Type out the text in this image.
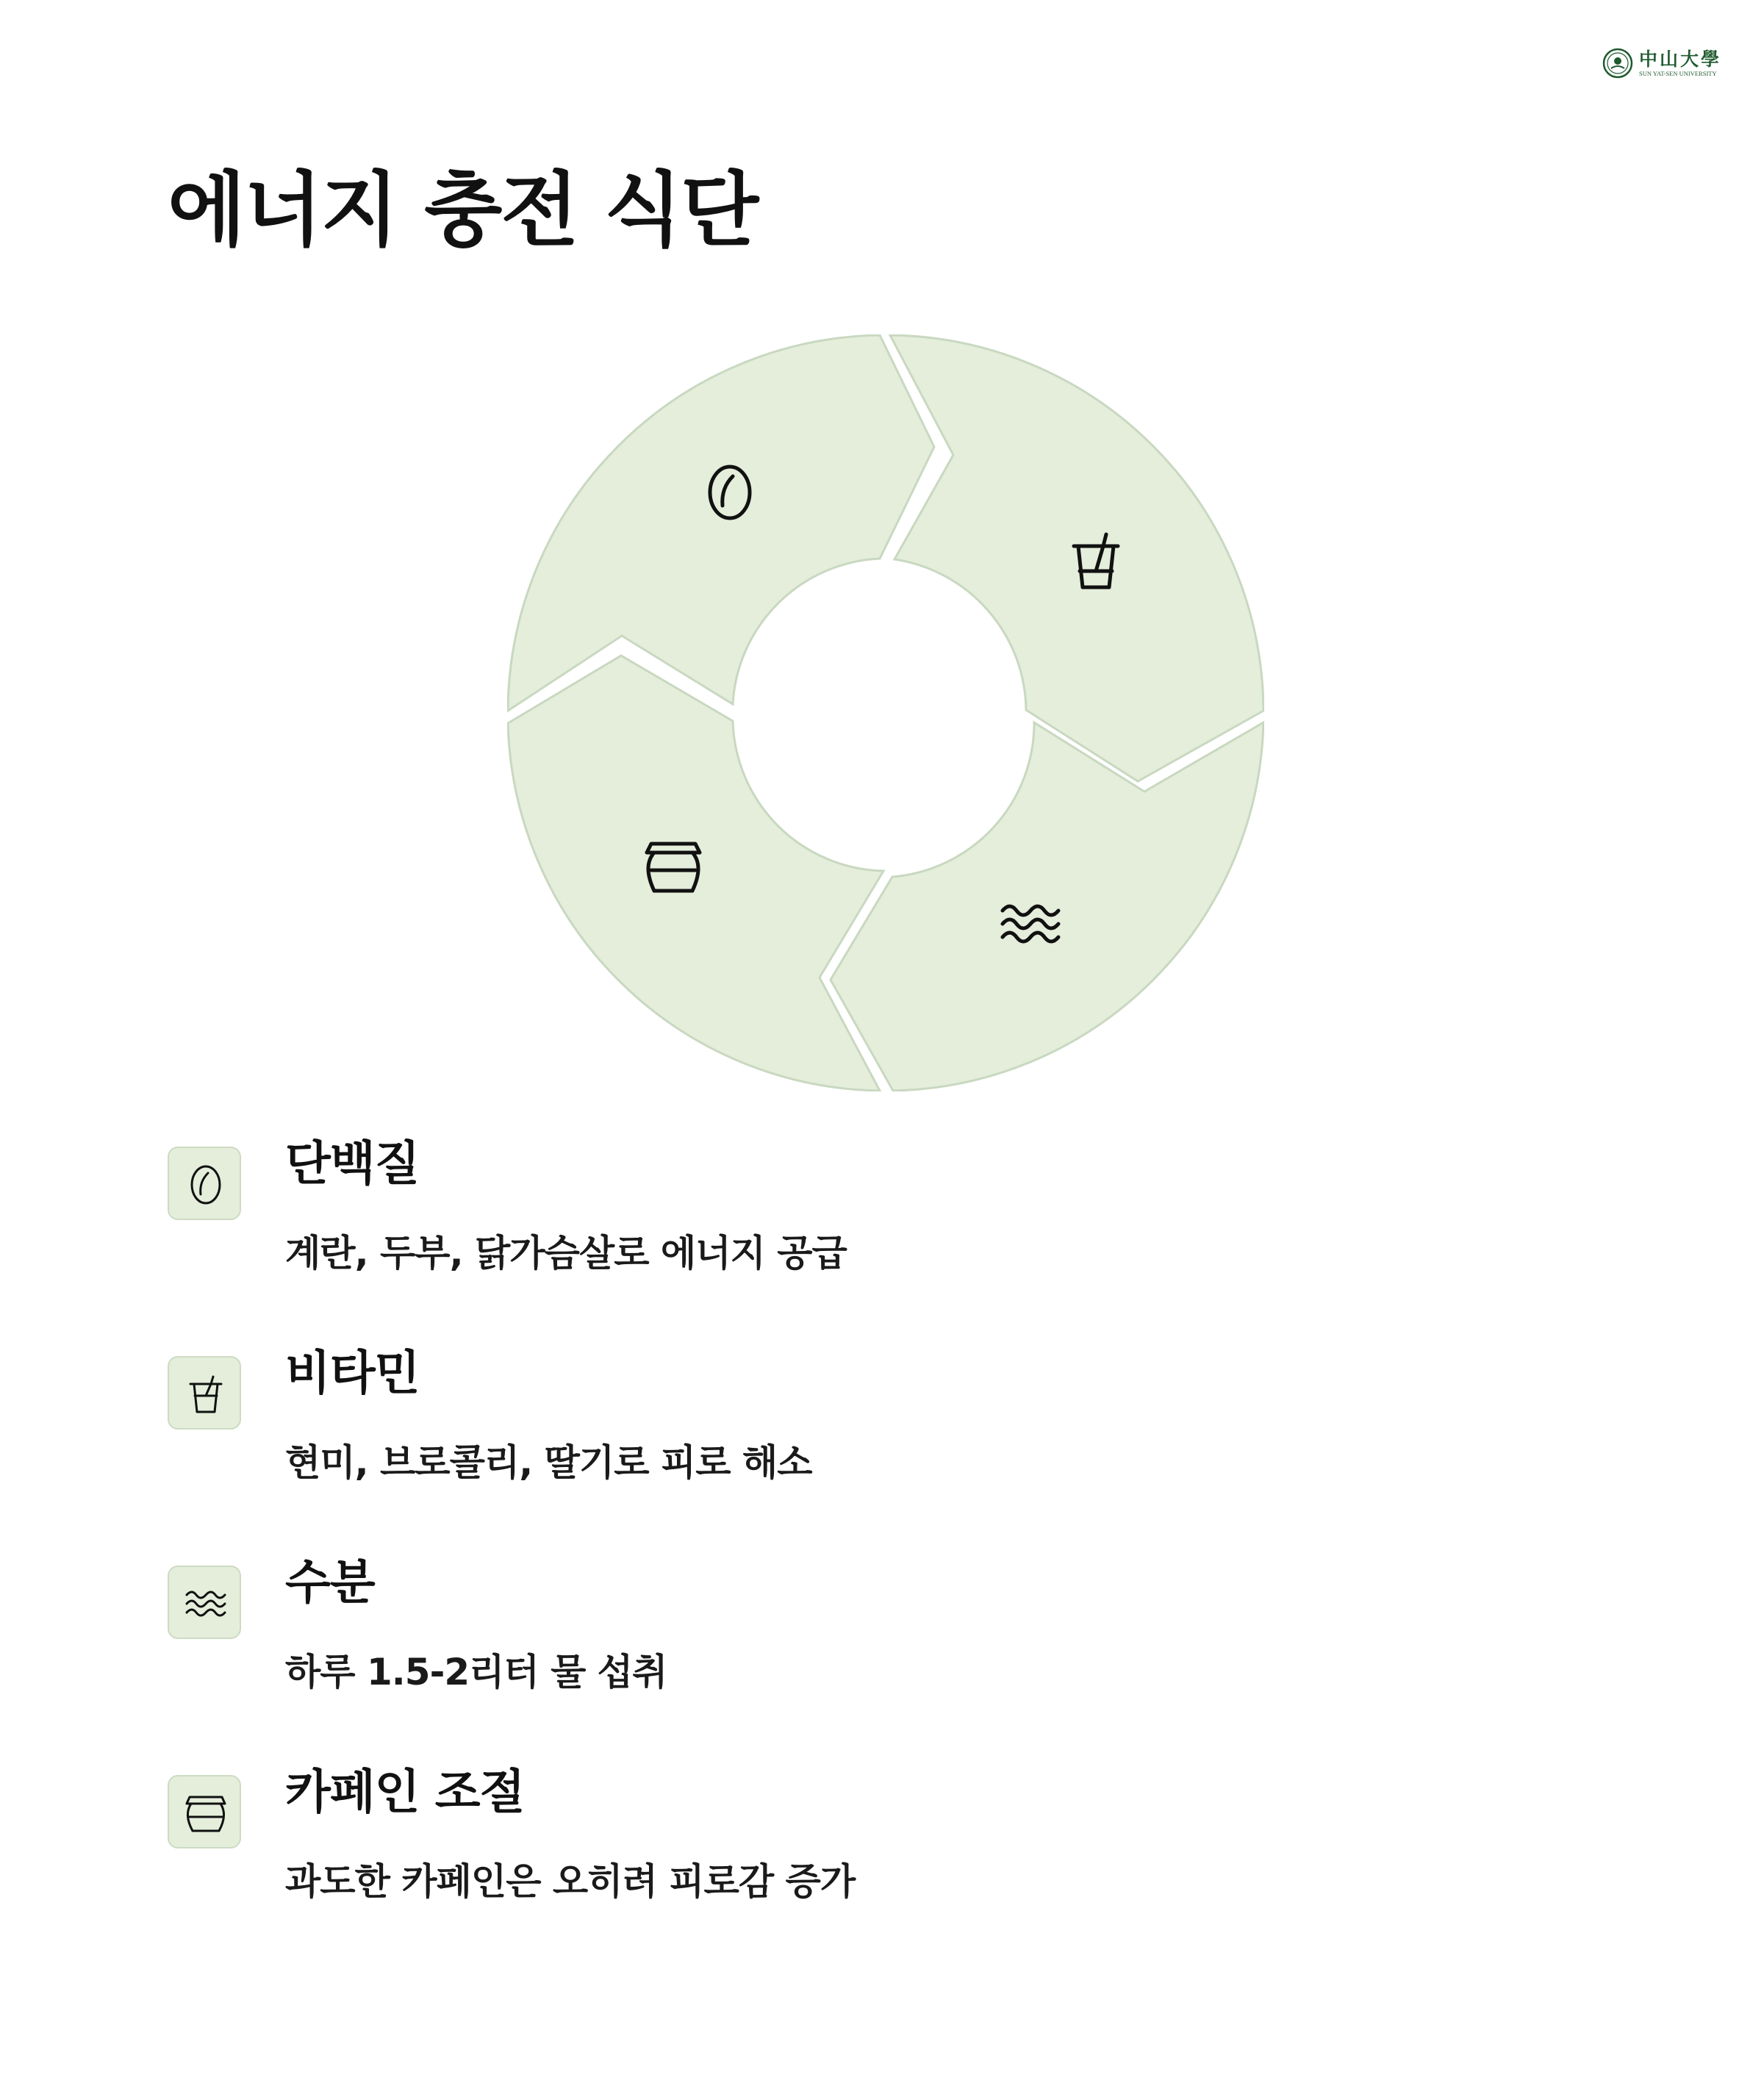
中山大學
SUN YAT-SEN UNIVERSITY
에너지 충전 식단
단백질

계란, 두부, 닭가슴살로 에너지 공급

비타민

현미, 브로콜리, 딸기로 피로 해소

수분

하루 1.5-2리터 물 섭취

카페인 조절

과도한 카페인은 오히려 피로감 증가
